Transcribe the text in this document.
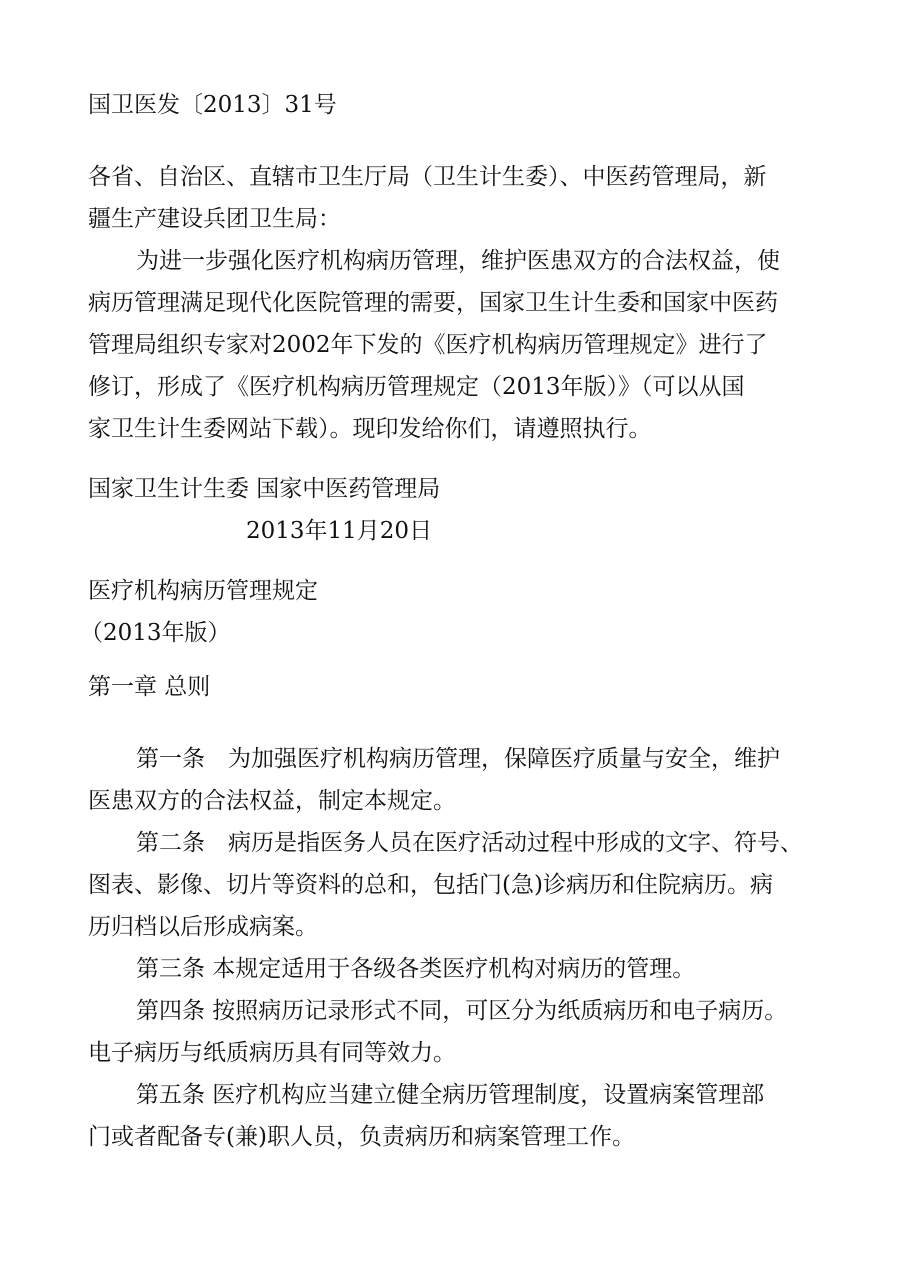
国卫医发〔2013〕31号
各省、自治区、直辖市卫生厅局（卫生计生委）、中医药管理局，新
疆生产建设兵团卫生局：
为进一步强化医疗机构病历管理，维护医患双方的合法权益，使
病历管理满足现代化医院管理的需要，国家卫生计生委和国家中医药
管理局组织专家对2002年下发的《医疗机构病历管理规定》进行了
修订，形成了《医疗机构病历管理规定（2013年版）》（可以从国
家卫生计生委网站下载）。现印发给你们，请遵照执行。
国家卫生计生委 国家中医药管理局
2013年11月20日
医疗机构病历管理规定
（2013年版）
第一章 总则
第一条　为加强医疗机构病历管理，保障医疗质量与安全，维护
医患双方的合法权益，制定本规定。
第二条　病历是指医务人员在医疗活动过程中形成的文字、符号、
图表、影像、切片等资料的总和，包括门(急)诊病历和住院病历。病
历归档以后形成病案。
第三条 本规定适用于各级各类医疗机构对病历的管理。
第四条 按照病历记录形式不同，可区分为纸质病历和电子病历。
电子病历与纸质病历具有同等效力。
第五条 医疗机构应当建立健全病历管理制度，设置病案管理部
门或者配备专(兼)职人员，负责病历和病案管理工作。
